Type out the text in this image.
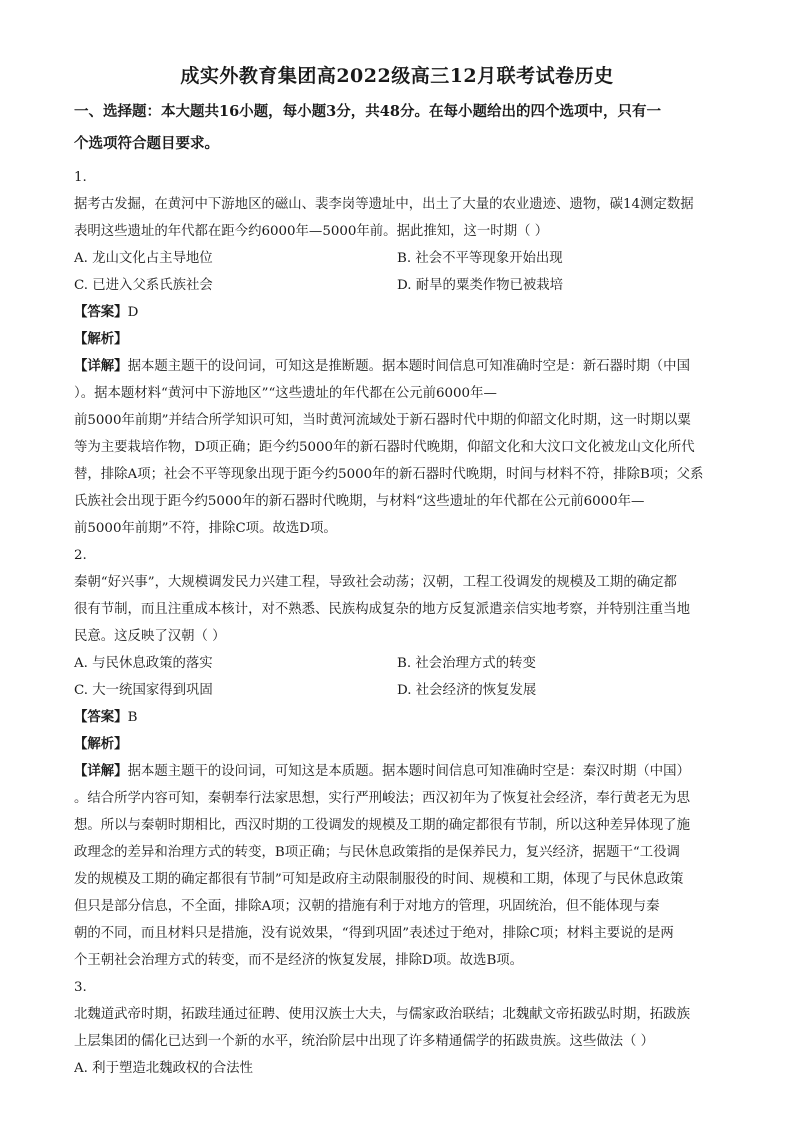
成实外教育集团高2022级高三12月联考试卷历史
一、选择题：本大题共16小题，每小题3分，共48分。在每小题给出的四个选项中，只有一
个选项符合题目要求。
1.
据考古发掘，在黄河中下游地区的磁山、裴李岗等遗址中，出土了大量的农业遗迹、遗物，碳14测定数据
表明这些遗址的年代都在距今约6000年—5000年前。据此推知，这一时期（ ）
A. 龙山文化占主导地位	B. 社会不平等现象开始出现
C. 已进入父系氏族社会	D. 耐旱的粟类作物已被栽培
【答案】D
【解析】
【详解】据本题主题干的设问词，可知这是推断题。据本题时间信息可知准确时空是：新石器时期（中国
）。据本题材料“黄河中下游地区”“这些遗址的年代都在公元前6000年—
前5000年前期”并结合所学知识可知，当时黄河流域处于新石器时代中期的仰韶文化时期，这一时期以粟
等为主要栽培作物，D项正确；距今约5000年的新石器时代晚期，仰韶文化和大汶口文化被龙山文化所代
替，排除A项；社会不平等现象出现于距今约5000年的新石器时代晚期，时间与材料不符，排除B项；父系
氏族社会出现于距今约5000年的新石器时代晚期，与材料“这些遗址的年代都在公元前6000年—
前5000年前期”不符，排除C项。故选D项。
2.
秦朝“好兴事”，大规模调发民力兴建工程，导致社会动荡；汉朝，工程工役调发的规模及工期的确定都
很有节制，而且注重成本核计，对不熟悉、民族构成复杂的地方反复派遣亲信实地考察，并特别注重当地
民意。这反映了汉朝（ ）
A. 与民休息政策的落实	B. 社会治理方式的转变
C. 大一统国家得到巩固	D. 社会经济的恢复发展
【答案】B
【解析】
【详解】据本题主题干的设问词，可知这是本质题。据本题时间信息可知准确时空是：秦汉时期（中国）
。结合所学内容可知，秦朝奉行法家思想，实行严刑峻法；西汉初年为了恢复社会经济，奉行黄老无为思
想。所以与秦朝时期相比，西汉时期的工役调发的规模及工期的确定都很有节制，所以这种差异体现了施
政理念的差异和治理方式的转变，B项正确；与民休息政策指的是保养民力，复兴经济，据题干“工役调
发的规模及工期的确定都很有节制”可知是政府主动限制服役的时间、规模和工期，体现了与民休息政策
但只是部分信息，不全面，排除A项；汉朝的措施有利于对地方的管理，巩固统治，但不能体现与秦
朝的不同，而且材料只是措施，没有说效果，“得到巩固”表述过于绝对，排除C项；材料主要说的是两
个王朝社会治理方式的转变，而不是经济的恢复发展，排除D项。故选B项。
3.
北魏道武帝时期，拓跋珪通过征聘、使用汉族士大夫，与儒家政治联结；北魏献文帝拓跋弘时期，拓跋族
上层集团的儒化已达到一个新的水平，统治阶层中出现了许多精通儒学的拓跋贵族。这些做法（ ）
A. 利于塑造北魏政权的合法性
